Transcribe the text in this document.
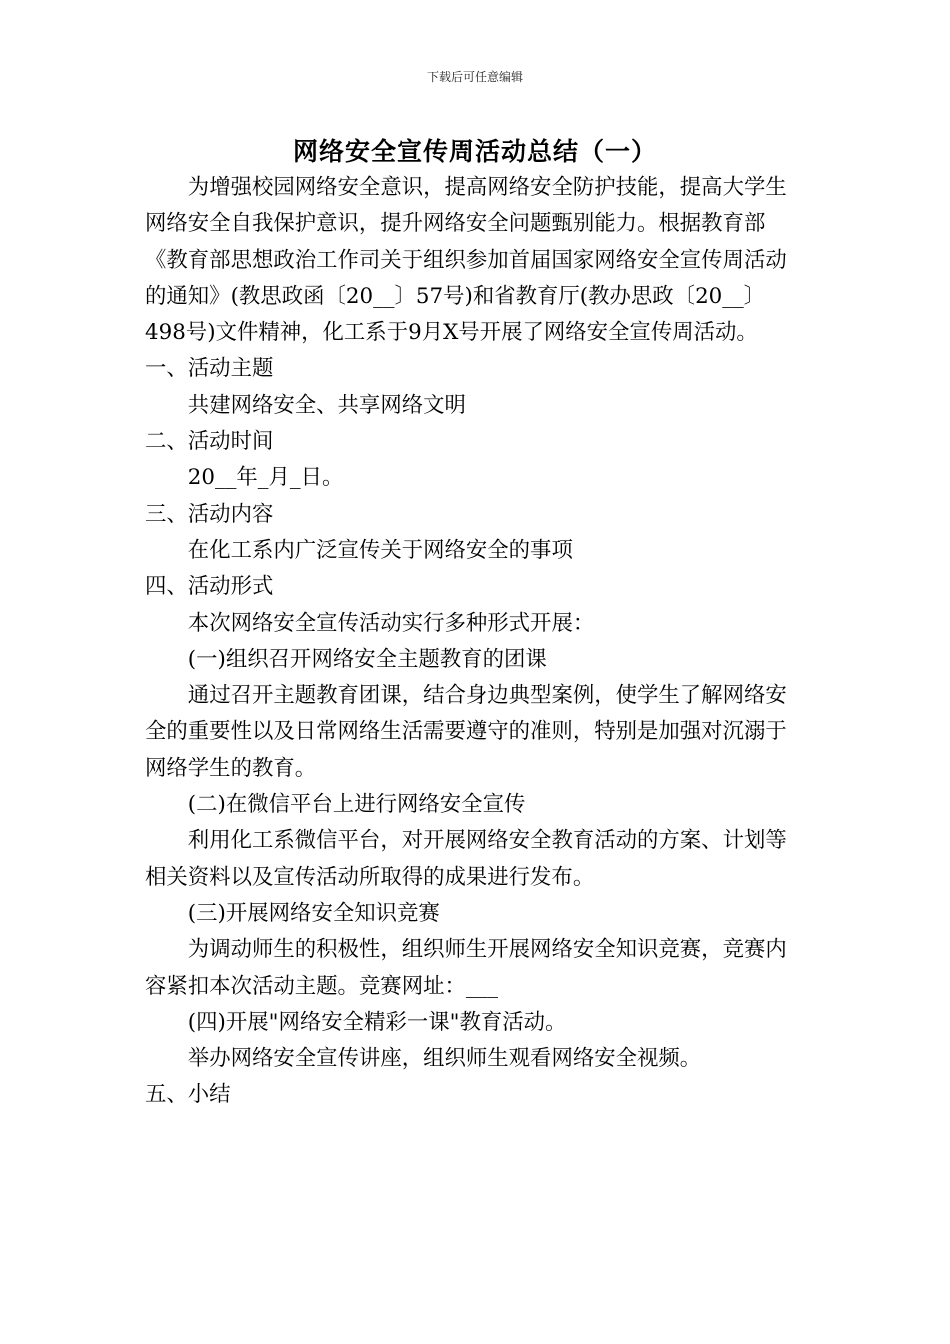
下载后可任意编辑
网络安全宣传周活动总结（一）

为增强校园网络安全意识，提高网络安全防护技能，提高大学生网络安全自我保护意识，提升网络安全问题甄别能力。根据教育部《教育部思想政治工作司关于组织参加首届国家网络安全宣传周活动的通知》(教思政函〔20__〕57号)和省教育厅(教办思政〔20__〕498号)文件精神，化工系于9月X号开展了网络安全宣传周活动。

一、活动主题

共建网络安全、共享网络文明

二、活动时间

20__年_月_日。

三、活动内容

在化工系内广泛宣传关于网络安全的事项

四、活动形式

本次网络安全宣传活动实行多种形式开展：

(一)组织召开网络安全主题教育的团课

通过召开主题教育团课，结合身边典型案例，使学生了解网络安全的重要性以及日常网络生活需要遵守的准则，特别是加强对沉溺于网络学生的教育。

(二)在微信平台上进行网络安全宣传

利用化工系微信平台，对开展网络安全教育活动的方案、计划等相关资料以及宣传活动所取得的成果进行发布。

(三)开展网络安全知识竞赛

为调动师生的积极性，组织师生开展网络安全知识竞赛，竞赛内容紧扣本次活动主题。竞赛网址：___

(四)开展"网络安全精彩一课"教育活动。

举办网络安全宣传讲座，组织师生观看网络安全视频。

五、小结
